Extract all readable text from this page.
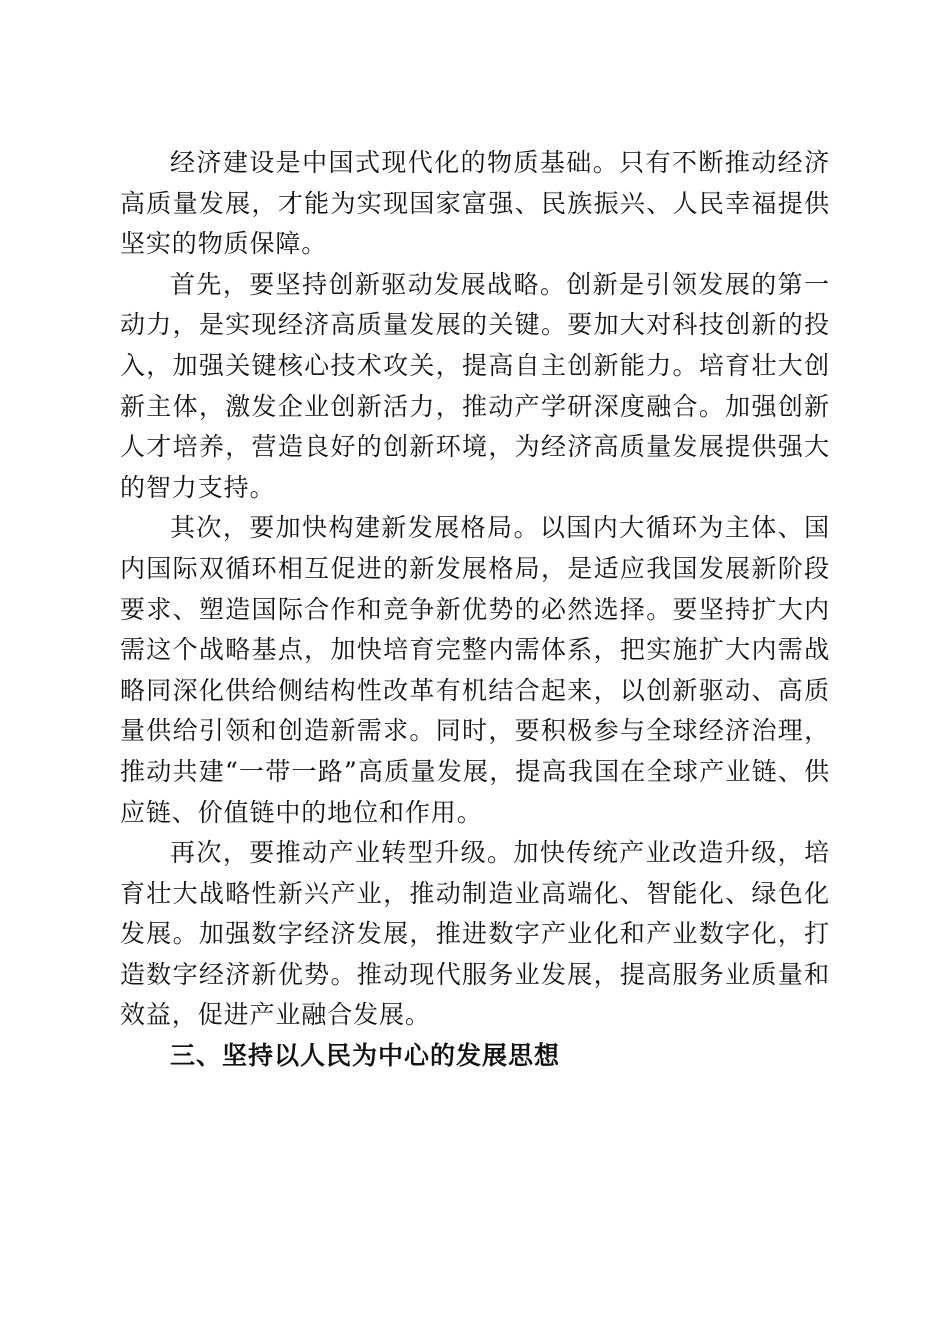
经济建设是中国式现代化的物质基础。只有不断推动经济高质量发展，才能为实现国家富强、民族振兴、人民幸福提供坚实的物质保障。

首先，要坚持创新驱动发展战略。创新是引领发展的第一动力，是实现经济高质量发展的关键。要加大对科技创新的投入，加强关键核心技术攻关，提高自主创新能力。培育壮大创新主体，激发企业创新活力，推动产学研深度融合。加强创新人才培养，营造良好的创新环境，为经济高质量发展提供强大的智力支持。

其次，要加快构建新发展格局。以国内大循环为主体、国内国际双循环相互促进的新发展格局，是适应我国发展新阶段要求、塑造国际合作和竞争新优势的必然选择。要坚持扩大内需这个战略基点，加快培育完整内需体系，把实施扩大内需战略同深化供给侧结构性改革有机结合起来，以创新驱动、高质量供给引领和创造新需求。同时，要积极参与全球经济治理，推动共建“一带一路”高质量发展，提高我国在全球产业链、供应链、价值链中的地位和作用。

再次，要推动产业转型升级。加快传统产业改造升级，培育壮大战略性新兴产业，推动制造业高端化、智能化、绿色化发展。加强数字经济发展，推进数字产业化和产业数字化，打造数字经济新优势。推动现代服务业发展，提高服务业质量和效益，促进产业融合发展。

三、坚持以人民为中心的发展思想
